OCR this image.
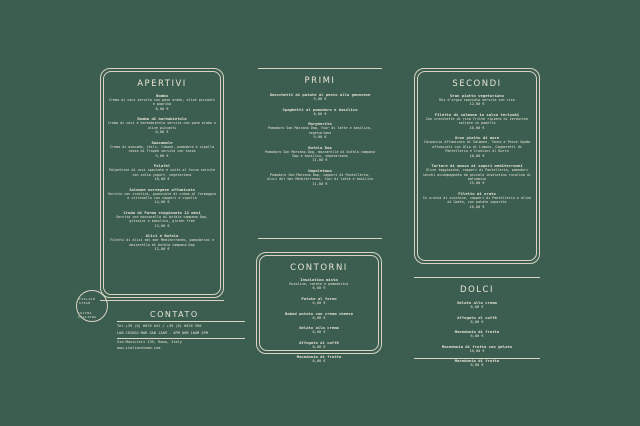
APERTIVI
Bomba
Crema di ceci servita con pane arabo, olive piccanti e paprika
8,00 €
Bomba di barbabietola
Crema di ceci e barbabietola servita con pane arabo e olive piccanti
8,00 €
Guacamole
Crema di avocado, chili, limone, pomodoro e cipolla rossa di Tropea servita con tacos
9,00 €
Falafel
Polpettine di ceci speziate e cotte al forno servite con salsa yogurt, vegetariani
10,00 €
Salmone norvegese affumicato
Servito con crostini, guanciale di crema al formaggio e citronella con capperi e cipolla
14,00 €
Crudo di Parma stagionato 12 mesi
Servito con mozzarella di bufala campana Dop, grissini e basilico, gluten free
13,00 €
Alici e Bufala
Filetti di alici del mar Mediterraneo, pomodorini e mozzarella di bufala campana Dop
12,00 €
ITALIAN STEAM
CUCINA ITALIANA	CONTATO
Tel +39 (0) 6076 641 / +39 (0) 6076 590
LUN CHIUSO MAR SAB 12AM - 4PM DOM 10AM 4PM
Via Musicisti 135, Roma, Italy
www.italiansteam.com
PRIMI
Gnocchetti di patate al pesto alla genovese
9,00 €
Spaghetti al pomodoro e basilico
8,00 €
Margherita
Pomodoro San Marzano Dop, fior di latte e basilico, vegetariana
9,00 €
Bufala Dop
Pomodoro San Marzano Dop, mozzarella di bufala campana Dop e basilico, vegetariana
11,00 €
Napoletana
Pomodoro San Marzano Dop, capperi di Pantelleria, alici del mar Mediterraneo, fior di latte e basilico
11,00 €
CONTORNI
Insalatina mista
Rucolina, carote e pomodorini
6,00 €
Patate al forno
6,00 €
Baked potato con cream cheese
6,00 €
Gelato alla crema
6,00 €
Affogato al caffè
8,00 €
Macedonia di frutta
6,00 €
SECONDI
Gran piatto vegetariano
Mix d'orgia speziata servita con riso
12,00 €
Filetto di salmone in salsa teriyaki
Con crocchette di riso fritte ripiene di verdurine saltate in padella
16,00 €
Gran piatto di mare
Carpaccio Affumicato di Salmone, Tonno e Pesce Spada affumicati con Olio al Limone, Capperetti di Pantelleria e Crostini al Burro
18,00 €
Tartare di manzo ai sapori mediterranei
Olive taggiasche, capperi di Pantelleria, pomodori secchi accompagnata da piccola insalatina rucolina al balsamico
15,00 €
Filetto di orata
In crosta di zucchine, capperi di Pantelleria e olive di Gaeta, con patate saporite
16,00 €
DOLCI
Gelato alla crema
6,00 €
Affogato al caffè
8,00 €
Macedonia di frutta
6,00 €
Macedonia di frutta con gelato
10,00 €
Macedonia di frutta
6,00 €
